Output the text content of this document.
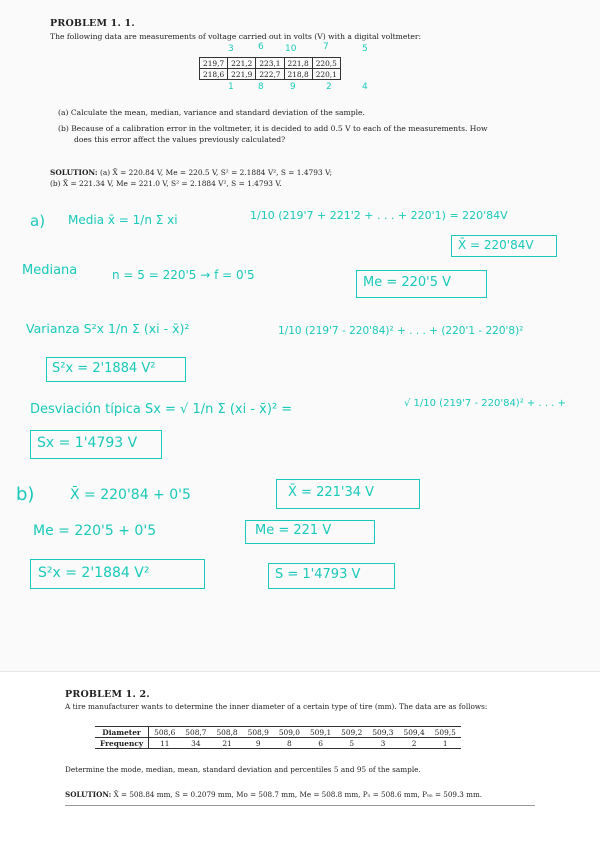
PROBLEM 1. 1.
The following data are measurements of voltage carried out in volts (V) with a digital voltmeter:
3	6 10	7	5
219,7	221,2	223,1	221,8	220,5
218,6	221,9	222,7	218,8	220,1
1	8	9	2	4
(a) Calculate the mean, median, variance and standard deviation of the sample.
(b) Because of a calibration error in the voltmeter, it is decided to add 0.5 V to each of the measurements. How
does this error affect the values previously calculated?
SOLUTION: (a) X̄ = 220.84 V, Me = 220.5 V, S² = 2.1884 V², S = 1.4793 V;
(b) X̄ = 221.34 V, Me = 221.0 V, S² = 2.1884 V², S = 1.4793 V.
a) Media x̄ = 1/n Σ xi	1/10 (219'7 + 221'2 + . . . + 220'1) = 220'84V
X̄ = 220'84V
Mediana	n = 5 = 220'5 → f = 0'5	Me = 220'5 V
Varianza S²x 1/n Σ (xi - x̄)²	1/10 (219'7 - 220'84)² + . . . + (220'1 - 220'8)²
S²x = 2'1884 V²
Desviación típica Sx = √ 1/n Σ (xi - x̄)² =	√ 1/10 (219'7 - 220'84)² + . . . +
Sx = 1'4793 V
b)	X̄ = 220'84 + 0'5	X̄ = 221'34 V
Me = 220'5 + 0'5	Me = 221 V
S²x = 2'1884 V²	S = 1'4793 V
PROBLEM 1. 2.
A tire manufacturer wants to determine the inner diameter of a certain type of tire (mm). The data are as follows:
Diameter	508,6	508,7	508,8	508,9	509,0	509,1	509,2	509,3	509,4	509,5
Frequency	11	34	21	9	8	6	5	3	2	1
Determine the mode, median, mean, standard deviation and percentiles 5 and 95 of the sample.
SOLUTION: X̄ = 508.84 mm, S = 0.2079 mm, Mo = 508.7 mm, Me = 508.8 mm, P₅ = 508.6 mm, P₉₅ = 509.3 mm.
